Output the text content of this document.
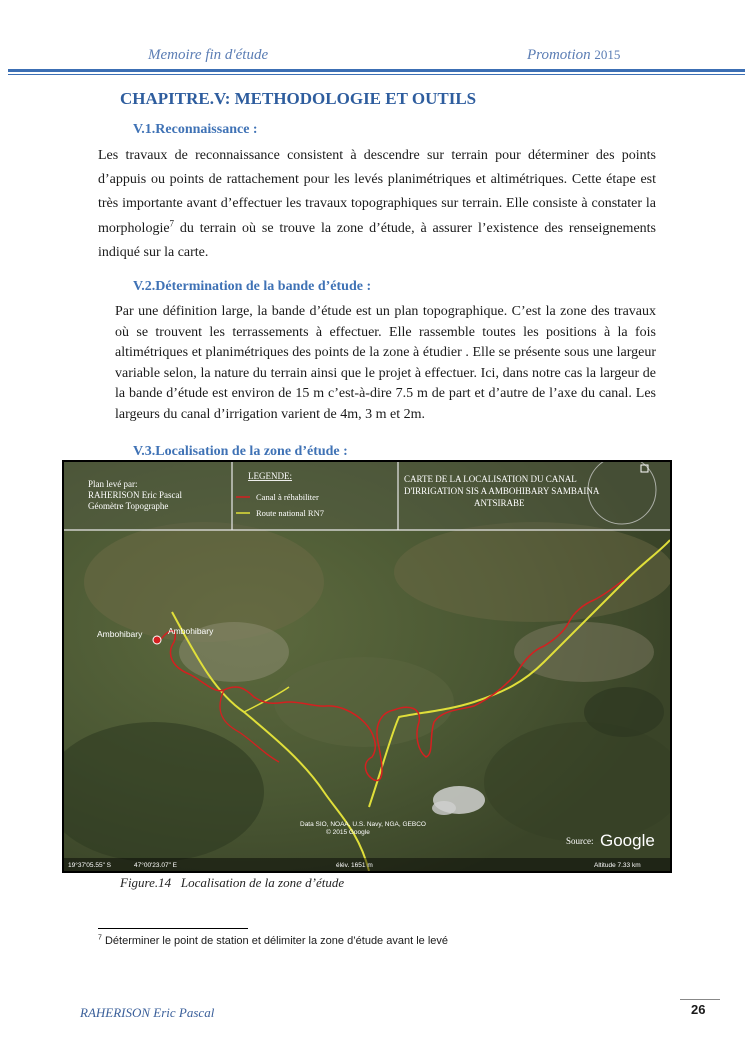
Memoire fin d'étude	Promotion 2015
CHAPITRE.V: METHODOLOGIE ET OUTILS
V.1.Reconnaissance :
Les travaux de reconnaissance consistent à descendre sur terrain pour déterminer des points d’appuis ou points de rattachement pour les levés planimétriques et altimétriques. Cette étape est très importante avant d’effectuer les travaux topographiques sur terrain. Elle consiste à constater la morphologie$^7$ du terrain où se trouve la zone d’étude, à assurer l’existence des renseignements indiqué sur la carte.
V.2.Détermination de la bande d’étude :
Par une définition large, la bande d’étude est un plan topographique. C’est la zone des travaux où se trouvent les terrassements à effectuer. Elle rassemble toutes les positions à la fois altimétriques et planimétriques des points de la zone à étudier . Elle se présente sous une largeur variable selon, la nature du terrain ainsi que le projet à effectuer. Ici, dans notre cas la largeur de la bande d’étude est environ de 15 m c’est-à-dire 7.5 m de part et d’autre de l’axe du canal. Les largeurs du canal d’irrigation varient de 4m, 3 m et 2m.
V.3.Localisation de la zone d’étude :
Plan levé par:
RAHERISON Eric Pascal
Géomètre Topographe
LEGENDE:
Canal à réhabiliter
Route national RN7
CARTE DE LA LOCALISATION DU CANAL
D'IRRIGATION SIS A AMBOHIBARY SAMBAINA
ANTSIRABE
Ambohibary	Ambohibary
Data SIO, NOAA, U.S. Navy, NGA, GEBCO
© 2015 Google
Source: Google
19°37'05.55" S	47°00'23.07" E	élév. 1651 m	Altitude 7.33 km
Figure.14 Localisation de la zone d’étude
$^7$ Déterminer le point de station et délimiter la zone d’étude avant le levé
RAHERISON Eric Pascal	26
